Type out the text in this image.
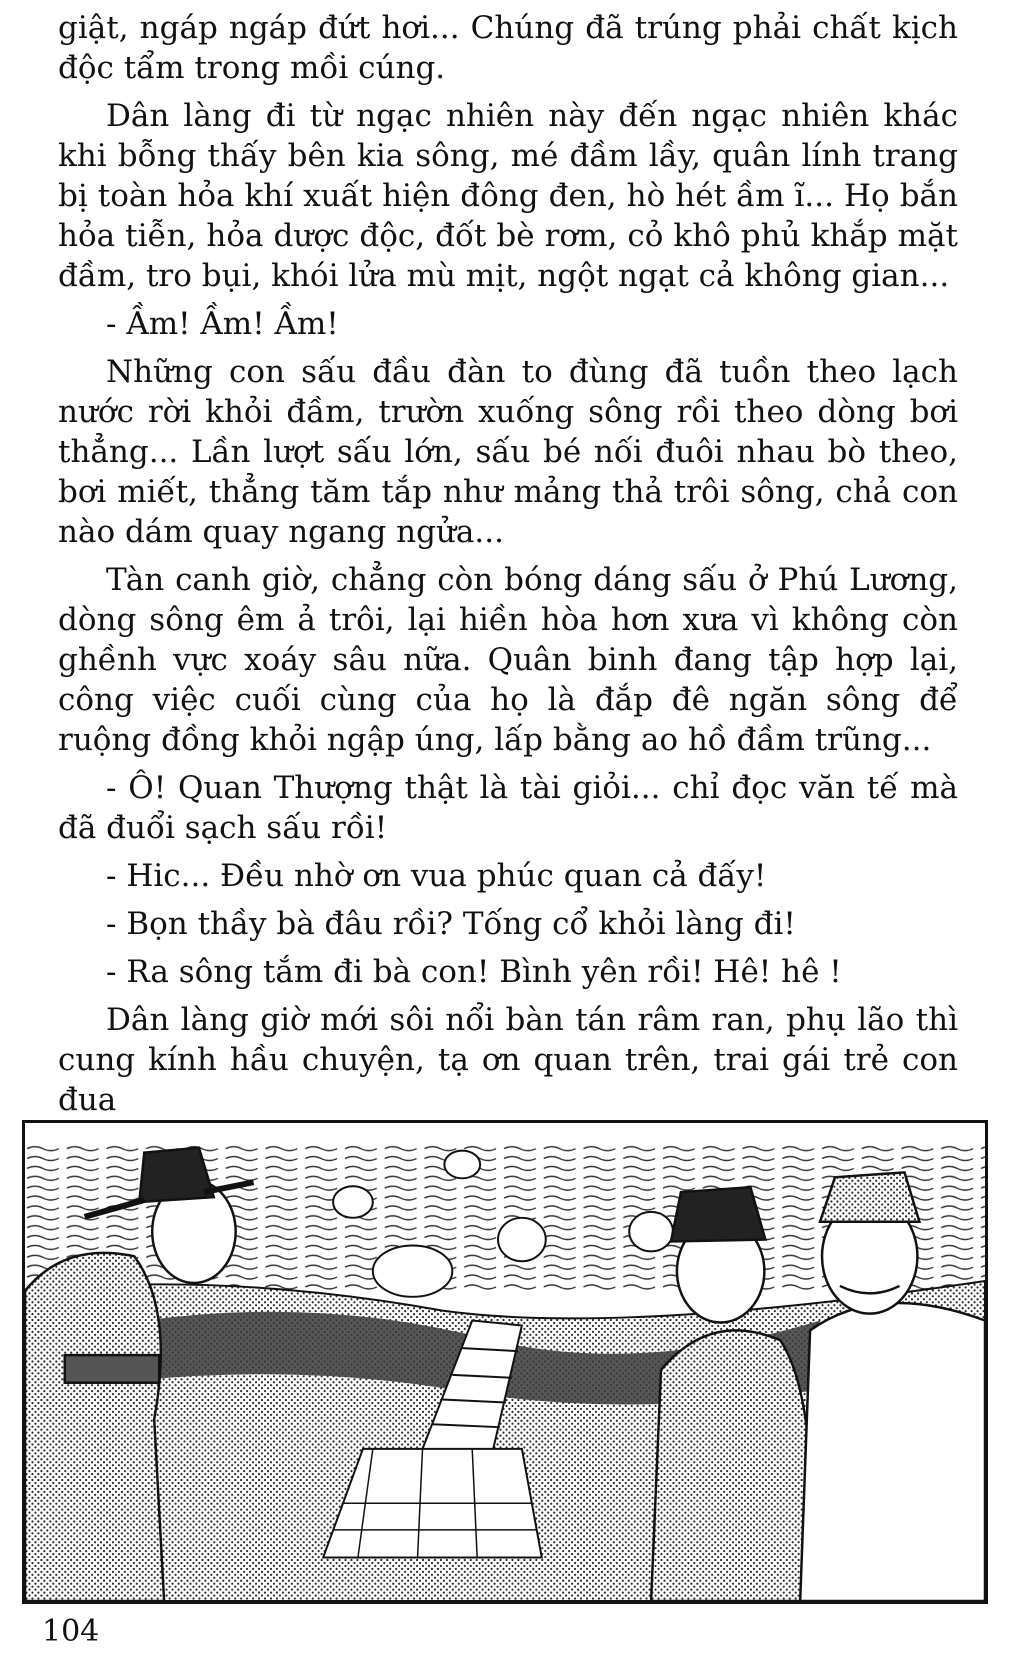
giật, ngáp ngáp đứt hơi... Chúng đã trúng phải chất kịch độc tẩm trong mồi cúng.

Dân làng đi từ ngạc nhiên này đến ngạc nhiên khác khi bỗng thấy bên kia sông, mé đầm lầy, quân lính trang bị toàn hỏa khí xuất hiện đông đen, hò hét ầm ĩ... Họ bắn hỏa tiễn, hỏa dược độc, đốt bè rơm, cỏ khô phủ khắp mặt đầm, tro bụi, khói lửa mù mịt, ngột ngạt cả không gian...

- Ầm! Ầm! Ầm!

Những con sấu đầu đàn to đùng đã tuồn theo lạch nước rời khỏi đầm, trườn xuống sông rồi theo dòng bơi thẳng... Lần lượt sấu lớn, sấu bé nối đuôi nhau bò theo, bơi miết, thẳng tăm tắp như mảng thả trôi sông, chả con nào dám quay ngang ngửa...

Tàn canh giờ, chẳng còn bóng dáng sấu ở Phú Lương, dòng sông êm ả trôi, lại hiền hòa hơn xưa vì không còn ghềnh vực xoáy sâu nữa. Quân binh đang tập hợp lại, công việc cuối cùng của họ là đắp đê ngăn sông để ruộng đồng khỏi ngập úng, lấp bằng ao hồ đầm trũng...

- Ô! Quan Thượng thật là tài giỏi... chỉ đọc văn tế mà đã đuổi sạch sấu rồi!

- Hic... Đều nhờ ơn vua phúc quan cả đấy!

- Bọn thầy bà đâu rồi? Tống cổ khỏi làng đi!

- Ra sông tắm đi bà con! Bình yên rồi! Hê! hê !

Dân làng giờ mới sôi nổi bàn tán râm ran, phụ lão thì cung kính hầu chuyện, tạ ơn quan trên, trai gái trẻ con đua

104
